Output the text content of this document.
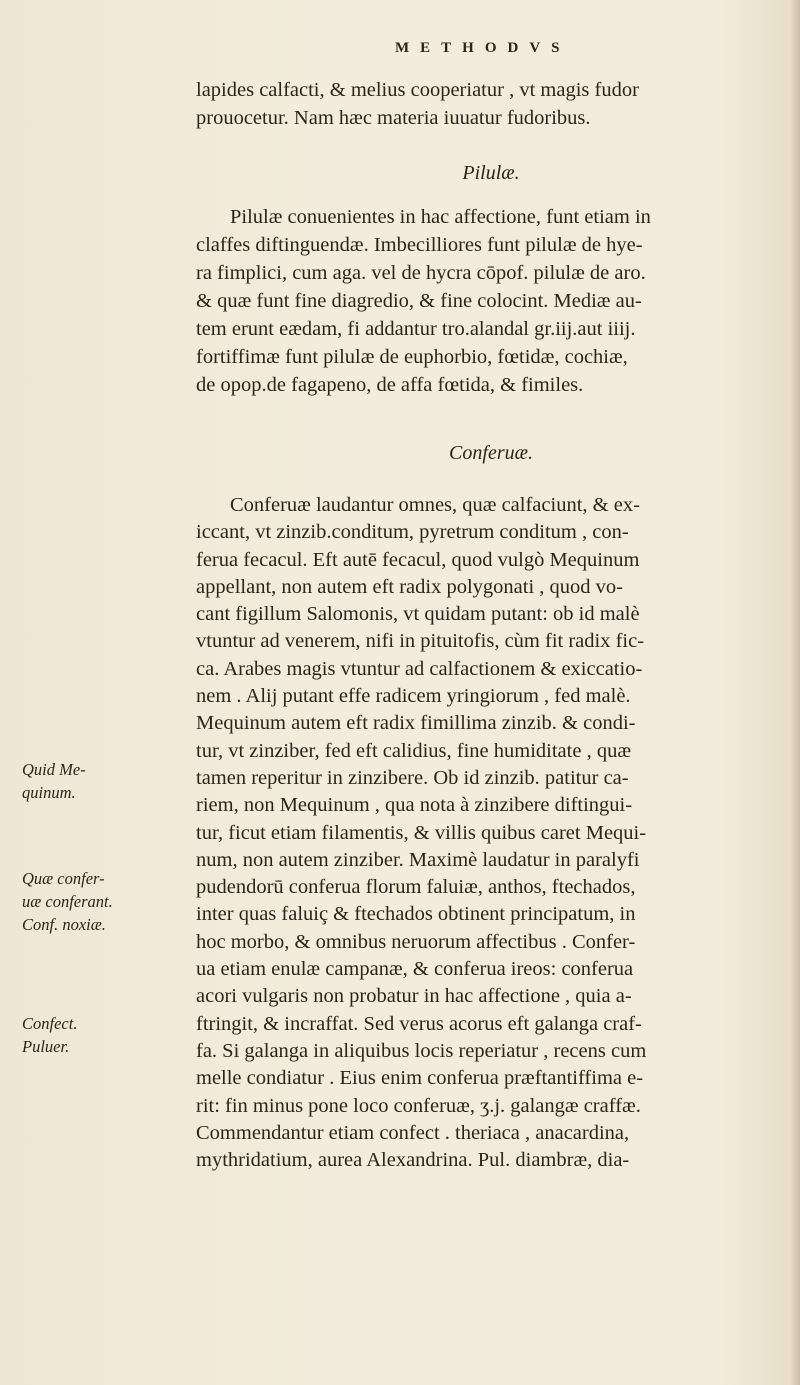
METHODVS
lapides calfacti, & melius cooperiatur , vt magis fudor
prouocetur. Nam hæc materia iuuatur fudoribus.
Pilulæ.
Pilulæ conuenientes in hac affectione, funt etiam in
claffes diftinguendæ. Imbecilliores funt pilulæ de hye-
ra fimplici, cum aga. vel de hycra cōpof. pilulæ de aro.
& quæ funt fine diagredio, & fine colocint. Mediæ au-
tem erunt eædam, fi addantur tro.alandal gr.iij.aut iiij.
fortiffimæ funt pilulæ de euphorbio, fœtidæ, cochiæ,
de opop.de fagapeno, de affa fœtida, & fimiles.
Conferuæ.
Conferuæ laudantur omnes, quæ calfaciunt, & ex-
iccant, vt zinzib.conditum, pyretrum conditum , con-
ferua fecacul. Eft autē fecacul, quod vulgò Mequinum
appellant, non autem eft radix polygonati , quod vo-
cant figillum Salomonis, vt quidam putant: ob id malè
vtuntur ad venerem, nifi in pituitofis, cùm fit radix fic-
ca. Arabes magis vtuntur ad calfactionem & exiccatio-
nem . Alij putant effe radicem yringiorum , fed malè.
Mequinum autem eft radix fimillima zinzib. & condi-
tur, vt zinziber, fed eft calidius, fine humiditate , quæ
tamen reperitur in zinzibere. Ob id zinzib. patitur ca-
riem, non Mequinum , qua nota à zinzibere diftingui-
tur, ficut etiam filamentis, & villis quibus caret Mequi-
num, non autem zinziber. Maximè laudatur in paralyfi
pudendorū conferua florum faluiæ, anthos, ftechados,
inter quas faluiç & ftechados obtinent principatum, in
hoc morbo, & omnibus neruorum affectibus . Confer-
ua etiam enulæ campanæ, & conferua ireos: conferua
acori vulgaris non probatur in hac affectione , quia a-
ftringit, & incraffat. Sed verus acorus eft galanga craf-
fa. Si galanga in aliquibus locis reperiatur , recens cum
melle condiatur . Eius enim conferua præftantiffima e-
rit: fin minus pone loco conferuæ, ʒ.j. galangæ craffæ.
Commendantur etiam confect . theriaca , anacardina,
mythridatium, aurea Alexandrina. Pul. diambræ, dia-
Quid Me-
quinum.
Quæ confer-
uæ conferant.
Conf. noxiæ.
Confect.
Puluer.
